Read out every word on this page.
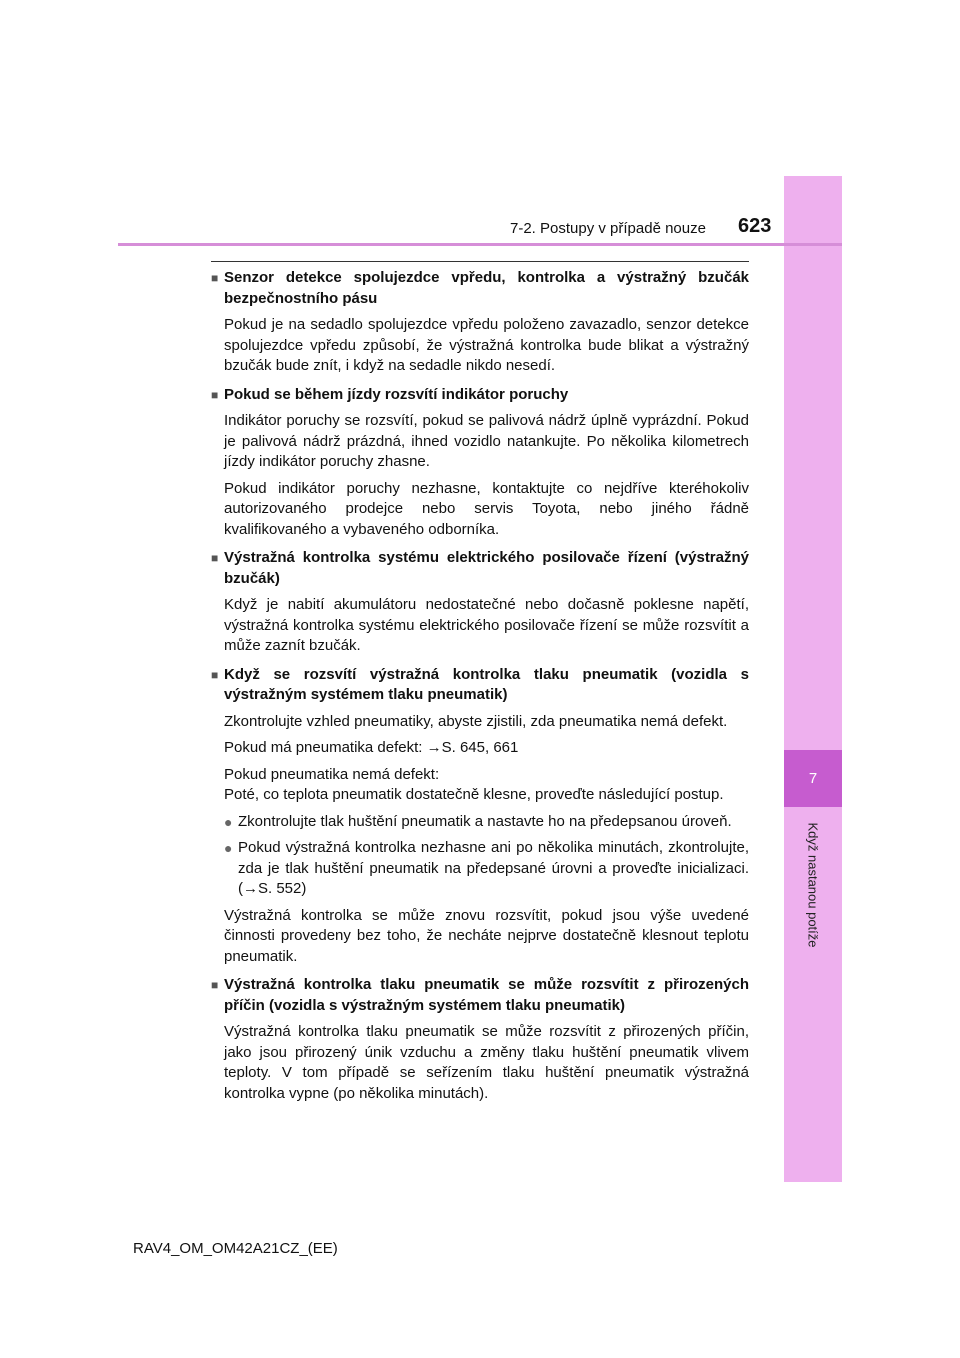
7
Když nastanou potíže
7-2. Postupy v případě nouze 623
■ Senzor detekce spolujezdce vpředu, kontrolka a výstražný bzučák bezpečnostního pásu

Pokud je na sedadlo spolujezdce vpředu položeno zavazadlo, senzor detekce spolujezdce vpředu způsobí, že výstražná kontrolka bude blikat a výstražný bzučák bude znít, i když na sedadle nikdo nesedí.

■ Pokud se během jízdy rozsvítí indikátor poruchy

Indikátor poruchy se rozsvítí, pokud se palivová nádrž úplně vyprázdní. Pokud je palivová nádrž prázdná, ihned vozidlo natankujte. Po několika kilometrech jízdy indikátor poruchy zhasne.

Pokud indikátor poruchy nezhasne, kontaktujte co nejdříve kteréhokoliv autorizovaného prodejce nebo servis Toyota, nebo jiného řádně kvalifikovaného a vybaveného odborníka.

■ Výstražná kontrolka systému elektrického posilovače řízení (výstražný bzučák)

Když je nabití akumulátoru nedostatečné nebo dočasně poklesne napětí, výstražná kontrolka systému elektrického posilovače řízení se může rozsvítit a může zaznít bzučák.

■ Když se rozsvítí výstražná kontrolka tlaku pneumatik (vozidla s výstražným systémem tlaku pneumatik)

Zkontrolujte vzhled pneumatiky, abyste zjistili, zda pneumatika nemá defekt.

Pokud má pneumatika defekt: →S. 645, 661

Pokud pneumatika nemá defekt:
Poté, co teplota pneumatik dostatečně klesne, proveďte následující postup.

● Zkontrolujte tlak huštění pneumatik a nastavte ho na předepsanou úroveň.
● Pokud výstražná kontrolka nezhasne ani po několika minutách, zkontrolujte, zda je tlak huštění pneumatik na předepsané úrovni a proveďte inicializaci. (→S. 552)

Výstražná kontrolka se může znovu rozsvítit, pokud jsou výše uvedené činnosti provedeny bez toho, že necháte nejprve dostatečně klesnout teplotu pneumatik.

■ Výstražná kontrolka tlaku pneumatik se může rozsvítit z přirozených příčin (vozidla s výstražným systémem tlaku pneumatik)

Výstražná kontrolka tlaku pneumatik se může rozsvítit z přirozených příčin, jako jsou přirozený únik vzduchu a změny tlaku huštění pneumatik vlivem teploty. V tom případě se seřízením tlaku huštění pneumatik výstražná kontrolka vypne (po několika minutách).

RAV4_OM_OM42A21CZ_(EE)
